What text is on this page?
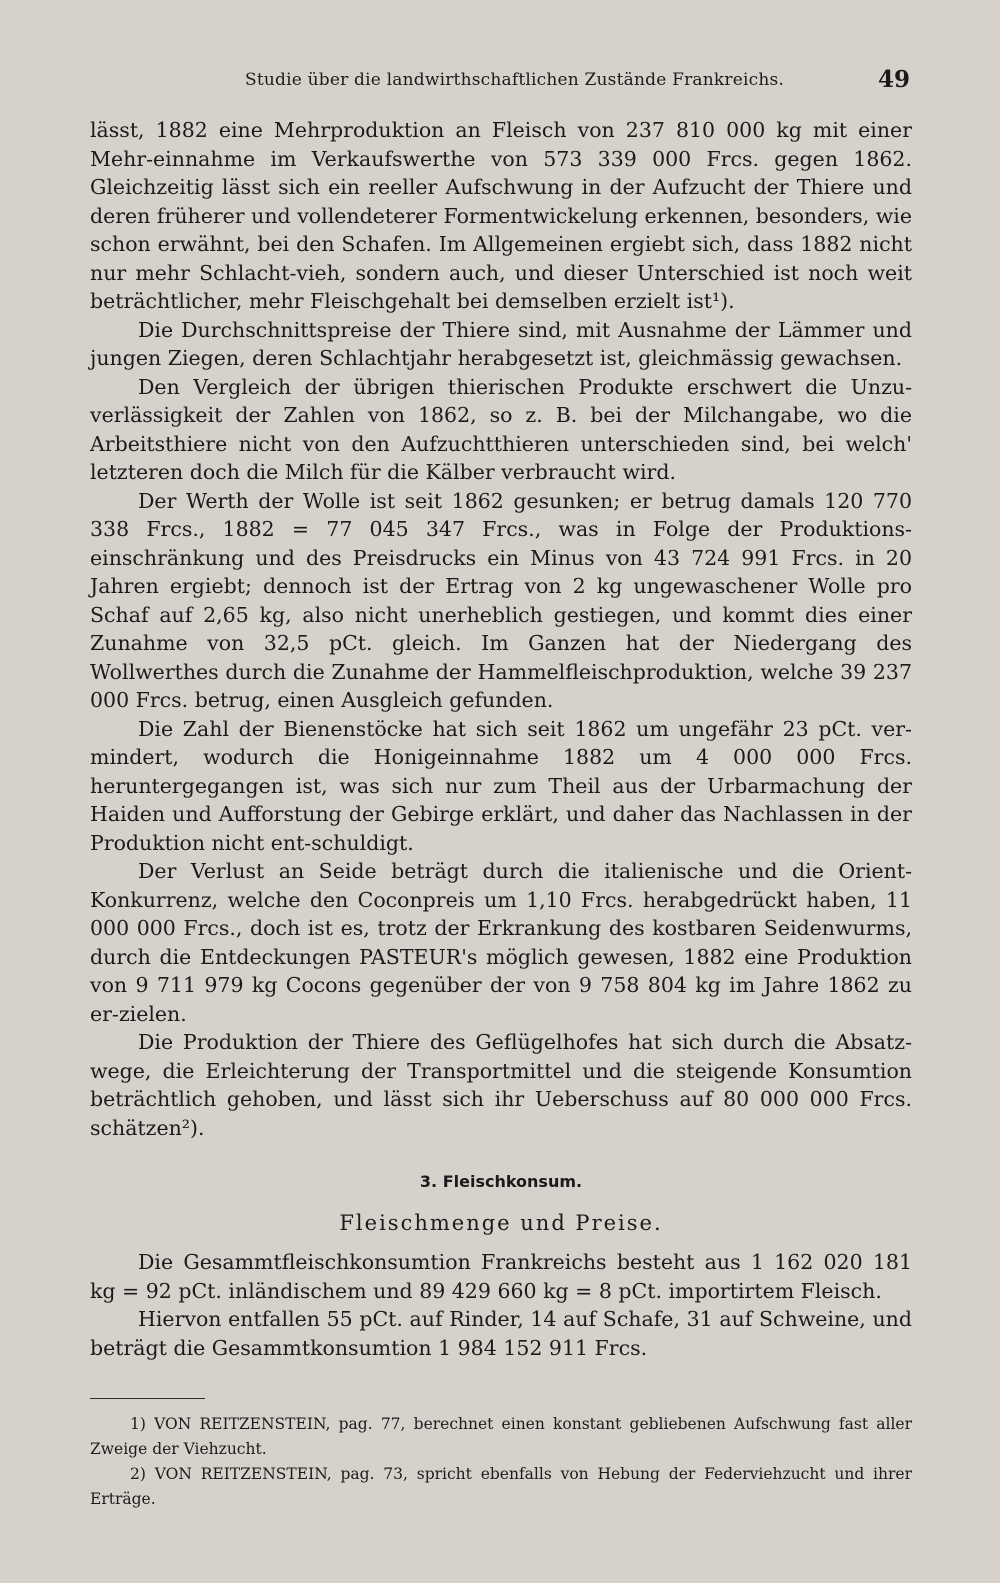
Studie über die landwirthschaftlichen Zustände Frankreichs.	49

lässt, 1882 eine Mehrproduktion an Fleisch von 237 810 000 kg mit einer Mehr-einnahme im Verkaufswerthe von 573 339 000 Frcs. gegen 1862. Gleichzeitig lässt sich ein reeller Aufschwung in der Aufzucht der Thiere und deren früherer und vollendeterer Formentwickelung erkennen, besonders, wie schon erwähnt, bei den Schafen. Im Allgemeinen ergiebt sich, dass 1882 nicht nur mehr Schlacht-vieh, sondern auch, und dieser Unterschied ist noch weit beträchtlicher, mehr Fleischgehalt bei demselben erzielt ist¹).

Die Durchschnittspreise der Thiere sind, mit Ausnahme der Lämmer und jungen Ziegen, deren Schlachtjahr herabgesetzt ist, gleichmässig gewachsen.

Den Vergleich der übrigen thierischen Produkte erschwert die Unzu-verlässigkeit der Zahlen von 1862, so z. B. bei der Milchangabe, wo die Arbeitsthiere nicht von den Aufzuchtthieren unterschieden sind, bei welch' letzteren doch die Milch für die Kälber verbraucht wird.

Der Werth der Wolle ist seit 1862 gesunken; er betrug damals 120 770 338 Frcs., 1882 = 77 045 347 Frcs., was in Folge der Produktions-einschränkung und des Preisdrucks ein Minus von 43 724 991 Frcs. in 20 Jahren ergiebt; dennoch ist der Ertrag von 2 kg ungewaschener Wolle pro Schaf auf 2,65 kg, also nicht unerheblich gestiegen, und kommt dies einer Zunahme von 32,5 pCt. gleich. Im Ganzen hat der Niedergang des Wollwerthes durch die Zunahme der Hammelfleischproduktion, welche 39 237 000 Frcs. betrug, einen Ausgleich gefunden.

Die Zahl der Bienenstöcke hat sich seit 1862 um ungefähr 23 pCt. ver-mindert, wodurch die Honigeinnahme 1882 um 4 000 000 Frcs. heruntergegangen ist, was sich nur zum Theil aus der Urbarmachung der Haiden und Aufforstung der Gebirge erklärt, und daher das Nachlassen in der Produktion nicht ent-schuldigt.

Der Verlust an Seide beträgt durch die italienische und die Orient-Konkurrenz, welche den Coconpreis um 1,10 Frcs. herabgedrückt haben, 11 000 000 Frcs., doch ist es, trotz der Erkrankung des kostbaren Seidenwurms, durch die Entdeckungen PASTEUR's möglich gewesen, 1882 eine Produktion von 9 711 979 kg Cocons gegenüber der von 9 758 804 kg im Jahre 1862 zu er-zielen.

Die Produktion der Thiere des Geflügelhofes hat sich durch die Absatz-wege, die Erleichterung der Transportmittel und die steigende Konsumtion beträchtlich gehoben, und lässt sich ihr Ueberschuss auf 80 000 000 Frcs. schätzen²).

3. Fleischkonsum.
Fleischmenge und Preise.

Die Gesammtfleischkonsumtion Frankreichs besteht aus 1 162 020 181 kg = 92 pCt. inländischem und 89 429 660 kg = 8 pCt. importirtem Fleisch.

Hiervon entfallen 55 pCt. auf Rinder, 14 auf Schafe, 31 auf Schweine, und beträgt die Gesammtkonsumtion 1 984 152 911 Frcs.

1) VON REITZENSTEIN, pag. 77, berechnet einen konstant gebliebenen Aufschwung fast aller Zweige der Viehzucht.

2) VON REITZENSTEIN, pag. 73, spricht ebenfalls von Hebung der Federviehzucht und ihrer Erträge.
